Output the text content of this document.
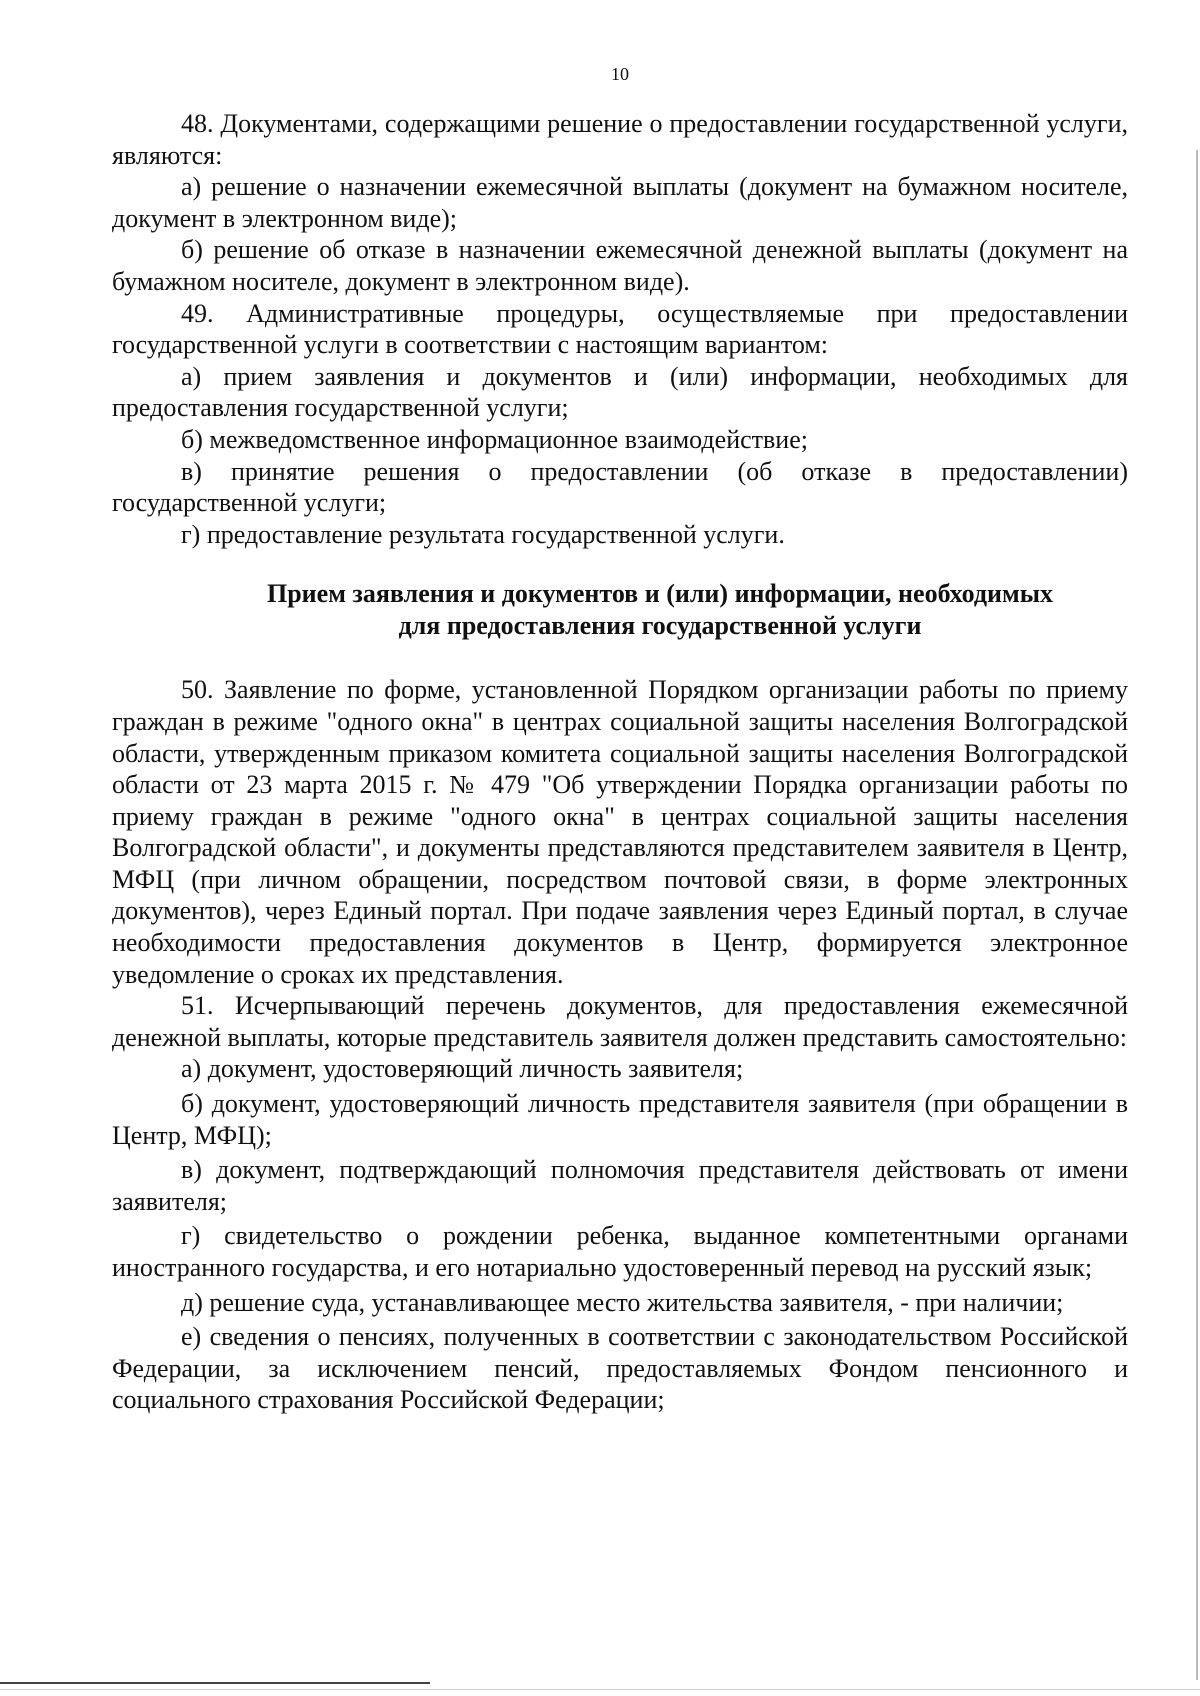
10

48. Документами, содержащими решение о предоставлении государственной услуги, являются:

а) решение о назначении ежемесячной выплаты (документ на бумажном носителе, документ в электронном виде);

б) решение об отказе в назначении ежемесячной денежной выплаты (документ на бумажном носителе, документ в электронном виде).

49. Административные процедуры, осуществляемые при предоставлении государственной услуги в соответствии с настоящим вариантом:

а) прием заявления и документов и (или) информации, необходимых для предоставления государственной услуги;

б) межведомственное информационное взаимодействие;

в) принятие решения о предоставлении (об отказе в предоставлении) государственной услуги;

г) предоставление результата государственной услуги.

Прием заявления и документов и (или) информации, необходимых
для предоставления государственной услуги

50. Заявление по форме, установленной Порядком организации работы по приему граждан в режиме "одного окна" в центрах социальной защиты населения Волгоградской области, утвержденным приказом комитета социальной защиты населения Волгоградской области от 23 марта 2015 г. № 479 "Об утверждении Порядка организации работы по приему граждан в режиме "одного окна" в центрах социальной защиты населения Волгоградской области", и документы представляются представителем заявителя в Центр, МФЦ (при личном обращении, посредством почтовой связи, в форме электронных документов), через Единый портал. При подаче заявления через Единый портал, в случае необходимости предоставления документов в Центр, формируется электронное уведомление о сроках их представления.

51. Исчерпывающий перечень документов, для предоставления ежемесячной денежной выплаты, которые представитель заявителя должен представить самостоятельно:

а) документ, удостоверяющий личность заявителя;

б) документ, удостоверяющий личность представителя заявителя (при обращении в Центр, МФЦ);

в) документ, подтверждающий полномочия представителя действовать от имени заявителя;

г) свидетельство о рождении ребенка, выданное компетентными органами иностранного государства, и его нотариально удостоверенный перевод на русский язык;

д) решение суда, устанавливающее место жительства заявителя, - при наличии;

е) сведения о пенсиях, полученных в соответствии с законодательством Российской Федерации, за исключением пенсий, предоставляемых Фондом пенсионного и социального страхования Российской Федерации;
